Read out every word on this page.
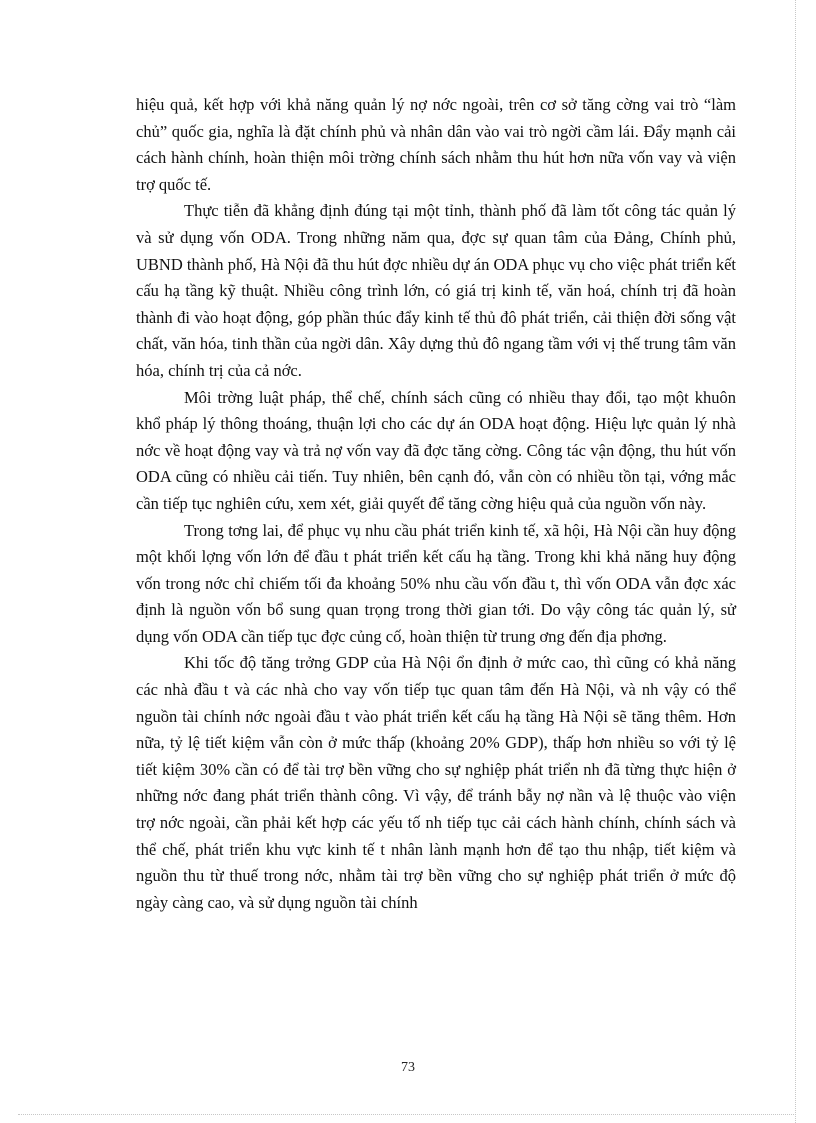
hiệu quả, kết hợp với khả năng quản lý nợ nớc ngoài, trên cơ sở tăng cờng vai trò “làm chủ” quốc gia, nghĩa là đặt chính phủ và nhân dân vào vai trò ngời cầm lái. Đẩy mạnh cải cách hành chính, hoàn thiện môi trờng chính sách nhằm thu hút hơn nữa vốn vay và viện trợ quốc tế.

Thực tiễn đã khẳng định đúng tại một tỉnh, thành phố đã làm tốt công tác quản lý và sử dụng vốn ODA. Trong những năm qua, đợc sự quan tâm của Đảng, Chính phủ, UBND thành phố, Hà Nội đã thu hút đợc nhiều dự án ODA phục vụ cho việc phát triển kết cấu hạ tầng kỹ thuật. Nhiều công trình lớn, có giá trị kinh tế, văn hoá, chính trị đã hoàn thành đi vào hoạt động, góp phần thúc đẩy kinh tế thủ đô phát triển, cải thiện đời sống vật chất, văn hóa, tinh thần của ngời dân. Xây dựng thủ đô ngang tầm với vị thế trung tâm văn hóa, chính trị của cả nớc.

Môi trờng luật pháp, thể chế, chính sách cũng có nhiều thay đổi, tạo một khuôn khổ pháp lý thông thoáng, thuận lợi cho các dự án ODA hoạt động. Hiệu lực quản lý nhà nớc về hoạt động vay và trả nợ vốn vay đã đợc tăng cờng. Công tác vận động, thu hút vốn ODA cũng có nhiều cải tiến. Tuy nhiên, bên cạnh đó, vẫn còn có nhiều tồn tại, vớng mắc cần tiếp tục nghiên cứu, xem xét, giải quyết để tăng cờng hiệu quả của nguồn vốn này.

Trong tơng lai, để phục vụ nhu cầu phát triển kinh tế, xã hội, Hà Nội cần huy động một khối lợng vốn lớn để đầu t phát triển kết cấu hạ tầng. Trong khi khả năng huy động vốn trong nớc chỉ chiếm tối đa khoảng 50% nhu cầu vốn đầu t, thì vốn ODA vẫn đợc xác định là nguồn vốn bổ sung quan trọng trong thời gian tới. Do vậy công tác quản lý, sử dụng vốn ODA cần tiếp tục đợc củng cố, hoàn thiện từ trung ơng đến địa phơng.

Khi tốc độ tăng trởng GDP của Hà Nội ổn định ở mức cao, thì cũng có khả năng các nhà đầu t và các nhà cho vay vốn tiếp tục quan tâm đến Hà Nội, và nh vậy có thể nguồn tài chính nớc ngoài đầu t vào phát triển kết cấu hạ tầng Hà Nội sẽ tăng thêm. Hơn nữa, tỷ lệ tiết kiệm vẫn còn ở mức thấp (khoảng 20% GDP), thấp hơn nhiều so với tỷ lệ tiết kiệm 30% cần có để tài trợ bền vững cho sự nghiệp phát triển nh đã từng thực hiện ở những nớc đang phát triển thành công. Vì vậy, để tránh bẫy nợ nần và lệ thuộc vào viện trợ nớc ngoài, cần phải kết hợp các yếu tố nh tiếp tục cải cách hành chính, chính sách và thể chế, phát triển khu vực kinh tế t nhân lành mạnh hơn để tạo thu nhập, tiết kiệm và nguồn thu từ thuế trong nớc, nhằm tài trợ bền vững cho sự nghiệp phát triển ở mức độ ngày càng cao, và sử dụng nguồn tài chính

73
